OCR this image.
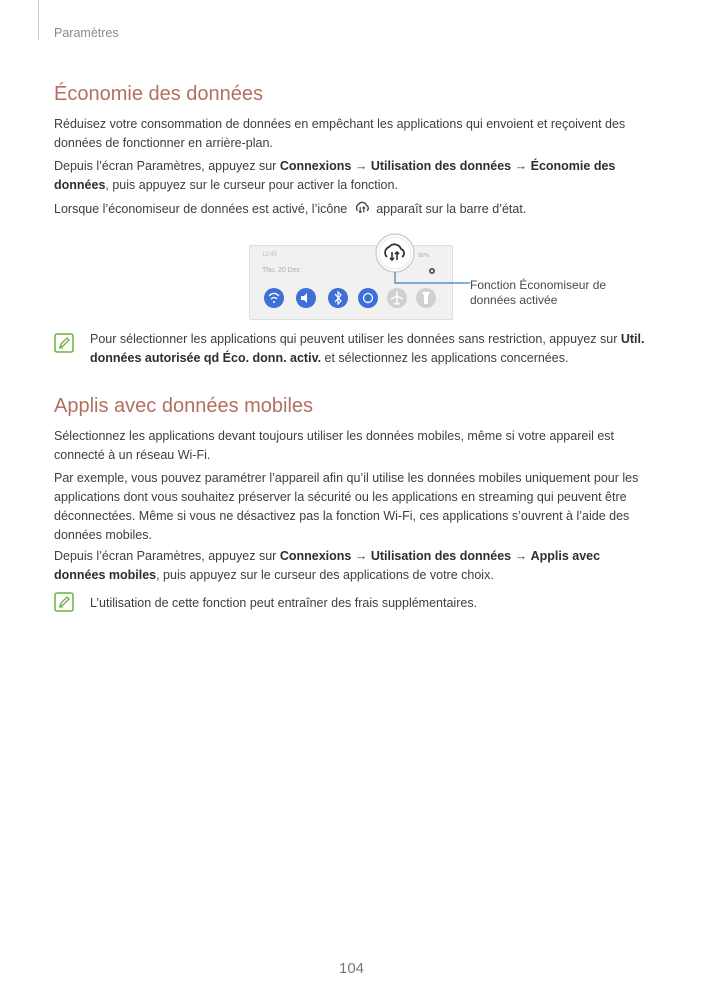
Paramètres
Économie des données

Réduisez votre consommation de données en empêchant les applications qui envoient et reçoivent des données de fonctionner en arrière-plan.

Depuis l’écran Paramètres, appuyez sur Connexions → Utilisation des données → Économie des données, puis appuyez sur le curseur pour activer la fonction.

Lorsque l’économiseur de données est activé, l’icône apparaît sur la barre d’état.

12:45
Thu, 20 Dec
95%
Fonction Économiseur de données activée

Pour sélectionner les applications qui peuvent utiliser les données sans restriction, appuyez sur Util. données autorisée qd Éco. donn. activ. et sélectionnez les applications concernées.

Applis avec données mobiles

Sélectionnez les applications devant toujours utiliser les données mobiles, même si votre appareil est connecté à un réseau Wi-Fi.

Par exemple, vous pouvez paramétrer l’appareil afin qu’il utilise les données mobiles uniquement pour les applications dont vous souhaitez préserver la sécurité ou les applications en streaming qui peuvent être déconnectées. Même si vous ne désactivez pas la fonction Wi-Fi, ces applications s’ouvrent à l’aide des données mobiles.

Depuis l’écran Paramètres, appuyez sur Connexions → Utilisation des données → Applis avec données mobiles, puis appuyez sur le curseur des applications de votre choix.

L’utilisation de cette fonction peut entraîner des frais supplémentaires.

104
